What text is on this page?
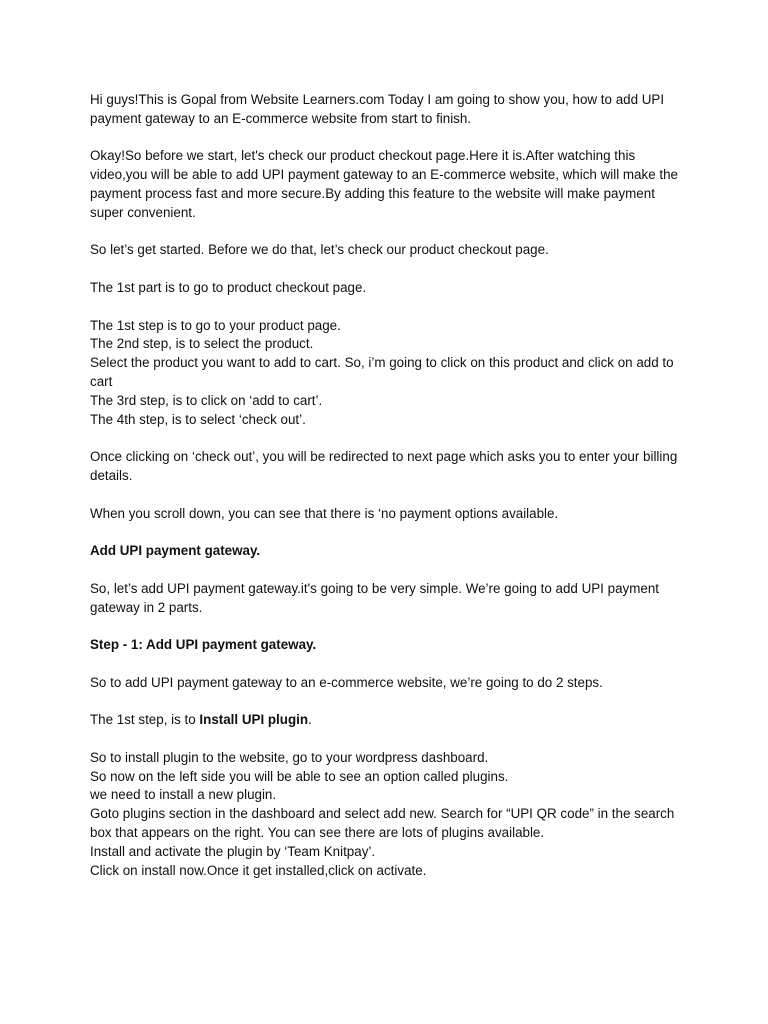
Hi guys!This is Gopal from Website Learners.com Today I am going to show you, how to add UPI payment gateway to an E-commerce website from start to finish.

Okay!So before we start, let's check our product checkout page.Here it is.After watching this video,you will be able to add UPI payment gateway to an E-commerce website, which will make the payment process fast and more secure.By adding this feature to the website will make payment super convenient.

So let’s get started. Before we do that, let’s check our product checkout page.

The 1st part is to go to product checkout page.

The 1st step is to go to your product page.
The 2nd step, is to select the product.
Select the product you want to add to cart. So, i’m going to click on this product and click on add to cart
The 3rd step, is to click on ‘add to cart’.
The 4th step, is to select ‘check out’.

Once clicking on ‘check out’, you will be redirected to next page which asks you to enter your billing details.

When you scroll down, you can see that there is ‘no payment options available.

Add UPI payment gateway.

So, let’s add UPI payment gateway.it's going to be very simple. We’re going to add UPI payment gateway in 2 parts.

Step - 1: Add UPI payment gateway.

So to add UPI payment gateway to an e-commerce website, we’re going to do 2 steps.

The 1st step, is to Install UPI plugin.

So to install plugin to the website, go to your wordpress dashboard.
So now on the left side you will be able to see an option called plugins.
we need to install a new plugin.
Goto plugins section in the dashboard and select add new. Search for “UPI QR code” in the search box that appears on the right. You can see there are lots of plugins available.
Install and activate the plugin by ‘Team Knitpay’.
Click on install now.Once it get installed,click on activate.
